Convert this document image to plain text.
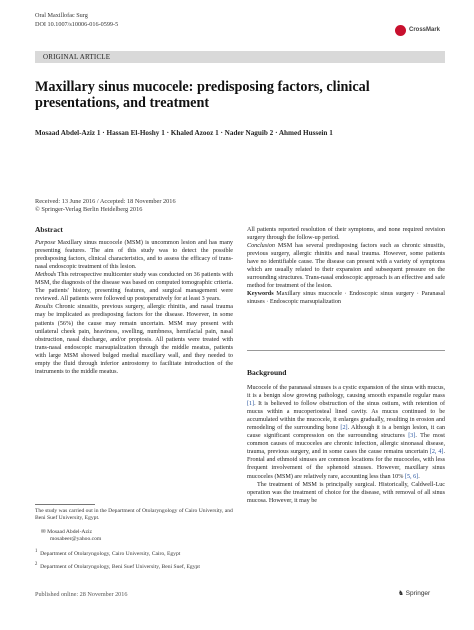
Oral Maxillofac Surg
DOI 10.1007/s10006-016-0599-5
CrossMark
ORIGINAL ARTICLE
Maxillary sinus mucocele: predisposing factors, clinical presentations, and treatment
Mosaad Abdel-Aziz 1 · Hassan El-Hoshy 1 · Khaled Azooz 1 · Nader Naguib 2 · Ahmed Hussein 1
Received: 13 June 2016 / Accepted: 18 November 2016
© Springer-Verlag Berlin Heidelberg 2016
Abstract

Purpose Maxillary sinus mucocele (MSM) is uncommon lesion and has many presenting features. The aim of this study was to detect the possible predisposing factors, clinical characteristics, and to assess the efficacy of trans-nasal endoscopic treatment of this lesion.

Methods This retrospective multicenter study was conducted on 36 patients with MSM, the diagnosis of the disease was based on computed tomographic criteria. The patients' history, presenting features, and surgical management were reviewed. All patients were followed up postoperatively for at least 3 years.

Results Chronic sinusitis, previous surgery, allergic rhinitis, and nasal trauma may be implicated as predisposing factors for the disease. However, in some patients (56%) the cause may remain uncertain. MSM may present with unilateral cheek pain, heaviness, swelling, numbness, hemifacial pain, nasal obstruction, nasal discharge, and/or proptosis. All patients were treated with trans-nasal endoscopic marsupialization through the middle meatus, patients with large MSM showed bulged medial maxillary wall, and they needed to empty the fluid through inferior antrostomy to facilitate introduction of the instruments to the middle meatus.

All patients reported resolution of their symptoms, and none required revision surgery through the follow-up period.

Conclusion MSM has several predisposing factors such as chronic sinusitis, previous surgery, allergic rhinitis and nasal trauma. However, some patients have no identifiable cause. The disease can present with a variety of symptoms which are usually related to their expansion and subsequent pressure on the surrounding structures. Trans-nasal endoscopic approach is an effective and safe method for treatment of the lesion.

Keywords Maxillary sinus mucocele · Endoscopic sinus surgery · Paranasal sinuses · Endoscopic marsupialization

Background

Mucocele of the paranasal sinuses is a cystic expansion of the sinus with mucus, it is a benign slow growing pathology, causing smooth expansile regular mass [1]. It is believed to follow obstruction of the sinus ostium, with retention of mucus within a mucoperiosteal lined cavity. As mucus continued to be accumulated within the mucocele, it enlarges gradually, resulting in erosion and remodeling of the surrounding bone [2]. Although it is a benign lesion, it can cause significant compression on the surrounding structures [3]. The most common causes of mucoceles are chronic infection, allergic sinonasal disease, trauma, previous surgery, and in some cases the cause remains uncertain [2, 4]. Frontal and ethmoid sinuses are common locations for the mucoceles, with less frequent involvement of the sphenoid sinuses. However, maxillary sinus mucoceles (MSM) are relatively rare, accounting less than 10% [5, 6].

The treatment of MSM is principally surgical. Historically, Caldwell-Luc operation was the treatment of choice for the disease, with removal of all sinus mucosa. However, it may be

The study was carried out in the Department of Otolaryngology of Cairo University, and Beni Suef University, Egypt.
✉ Mosaad Abdel-Aziz
mosabeer@yahoo.com
$^1$ Department of Otolaryngology, Cairo University, Cairo, Egypt
$^2$ Department of Otolaryngology, Beni Suef University, Beni Suef, Egypt
Published online: 28 November 2016	♞ Springer
